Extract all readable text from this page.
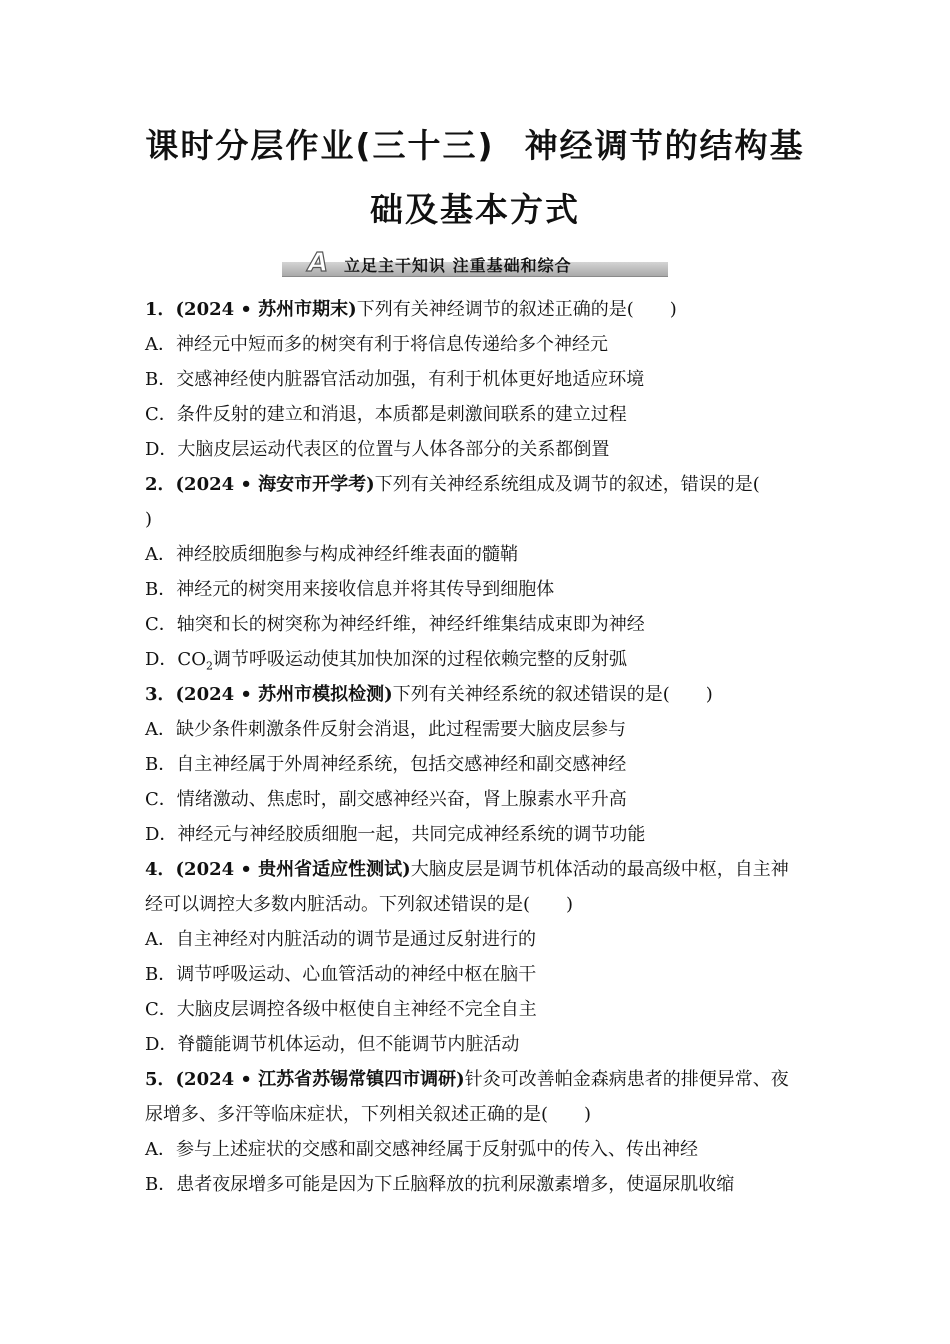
课时分层作业(三十三) 神经调节的结构基
础及基本方式
A 立足主干知识 注重基础和综合
1．(2024 • 苏州市期末)下列有关神经调节的叙述正确的是(　　)
A．神经元中短而多的树突有利于将信息传递给多个神经元
B．交感神经使内脏器官活动加强，有利于机体更好地适应环境
C．条件反射的建立和消退，本质都是刺激间联系的建立过程
D．大脑皮层运动代表区的位置与人体各部分的关系都倒置
2．(2024 • 海安市开学考)下列有关神经系统组成及调节的叙述，错误的是(
)
A．神经胶质细胞参与构成神经纤维表面的髓鞘
B．神经元的树突用来接收信息并将其传导到细胞体
C．轴突和长的树突称为神经纤维，神经纤维集结成束即为神经
D．$CO_2$调节呼吸运动使其加快加深的过程依赖完整的反射弧
3．(2024 • 苏州市模拟检测)下列有关神经系统的叙述错误的是(　　)
A．缺少条件刺激条件反射会消退，此过程需要大脑皮层参与
B．自主神经属于外周神经系统，包括交感神经和副交感神经
C．情绪激动、焦虑时，副交感神经兴奋，肾上腺素水平升高
D．神经元与神经胶质细胞一起，共同完成神经系统的调节功能
4．(2024 • 贵州省适应性测试)大脑皮层是调节机体活动的最高级中枢，自主神
经可以调控大多数内脏活动。下列叙述错误的是(　　)
A．自主神经对内脏活动的调节是通过反射进行的
B．调节呼吸运动、心血管活动的神经中枢在脑干
C．大脑皮层调控各级中枢使自主神经不完全自主
D．脊髓能调节机体运动，但不能调节内脏活动
5．(2024 • 江苏省苏锡常镇四市调研)针灸可改善帕金森病患者的排便异常、夜
尿增多、多汗等临床症状，下列相关叙述正确的是(　　)
A．参与上述症状的交感和副交感神经属于反射弧中的传入、传出神经
B．患者夜尿增多可能是因为下丘脑释放的抗利尿激素增多，使逼尿肌收缩
